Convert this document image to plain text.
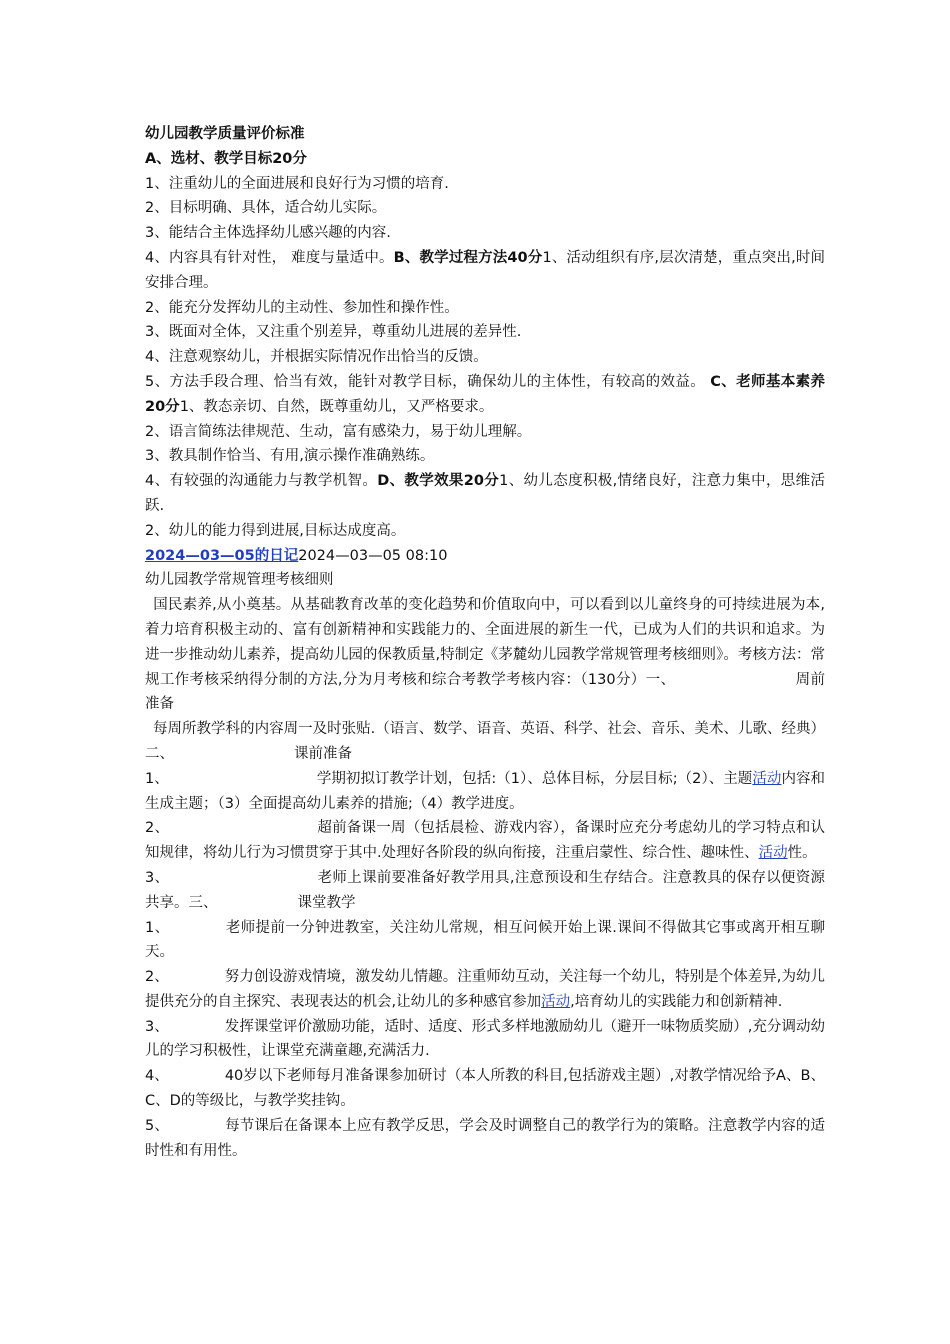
幼儿园教学质量评价标准

A、选材、教学目标20分

1、注重幼儿的全面进展和良好行为习惯的培育.

2、目标明确、具体，适合幼儿实际。

3、能结合主体选择幼儿感兴趣的内容.

4、内容具有针对性， 难度与量适中。B、教学过程方法40分1、活动组织有序,层次清楚，重点突出,时间安排合理。

2、能充分发挥幼儿的主动性、参加性和操作性。

3、既面对全体，又注重个别差异，尊重幼儿进展的差异性.

4、注意观察幼儿，并根据实际情况作出恰当的反馈。

5、方法手段合理、恰当有效，能针对教学目标，确保幼儿的主体性，有较高的效益。 C、老师基本素养20分1、教态亲切、自然，既尊重幼儿，又严格要求。

2、语言简练法律规范、生动，富有感染力，易于幼儿理解。

3、教具制作恰当、有用,演示操作准确熟练。

4、有较强的沟通能力与教学机智。D、教学效果20分1、幼儿态度积极,情绪良好，注意力集中，思维活跃.

2、幼儿的能力得到进展,目标达成度高。

2024—03—05的日记2024—03—05 08:10

幼儿园教学常规管理考核细则

国民素养,从小奠基。从基础教育改革的变化趋势和价值取向中，可以看到以儿童终身的可持续进展为本,着力培育积极主动的、富有创新精神和实践能力的、全面进展的新生一代，已成为人们的共识和追求。为进一步推动幼儿素养，提高幼儿园的保教质量,特制定《茅麓幼儿园教学常规管理考核细则》。考核方法：常规工作考核采纳得分制的方法,分为月考核和综合考教学考核内容：（130分）一、	周前准备

每周所教学科的内容周一及时张贴.（语言、数学、语音、英语、科学、社会、音乐、美术、儿歌、经典）二、	课前准备

1、	学期初拟订教学计划，包括:（1）、总体目标，分层目标;（2）、主题活动内容和生成主题；（3）全面提高幼儿素养的措施;（4）教学进度。

2、	超前备课一周（包括晨检、游戏内容），备课时应充分考虑幼儿的学习特点和认知规律，将幼儿行为习惯贯穿于其中.处理好各阶段的纵向衔接，注重启蒙性、综合性、趣味性、活动性。

3、	老师上课前要准备好教学用具,注意预设和生存结合。注意教具的保存以便资源共享。三、	课堂教学

1、	老师提前一分钟进教室，关注幼儿常规，相互问候开始上课.课间不得做其它事或离开相互聊天。

2、	努力创设游戏情境，激发幼儿情趣。注重师幼互动，关注每一个幼儿，特别是个体差异,为幼儿提供充分的自主探究、表现表达的机会,让幼儿的多种感官参加活动,培育幼儿的实践能力和创新精神.

3、	发挥课堂评价激励功能，适时、适度、形式多样地激励幼儿（避开一味物质奖励）,充分调动幼儿的学习积极性，让课堂充满童趣,充满活力.

4、	40岁以下老师每月准备课参加研讨（本人所教的科目,包括游戏主题）,对教学情况给予A、B、C、D的等级比，与教学奖挂钩。

5、	每节课后在备课本上应有教学反思，学会及时调整自己的教学行为的策略。注意教学内容的适时性和有用性。
